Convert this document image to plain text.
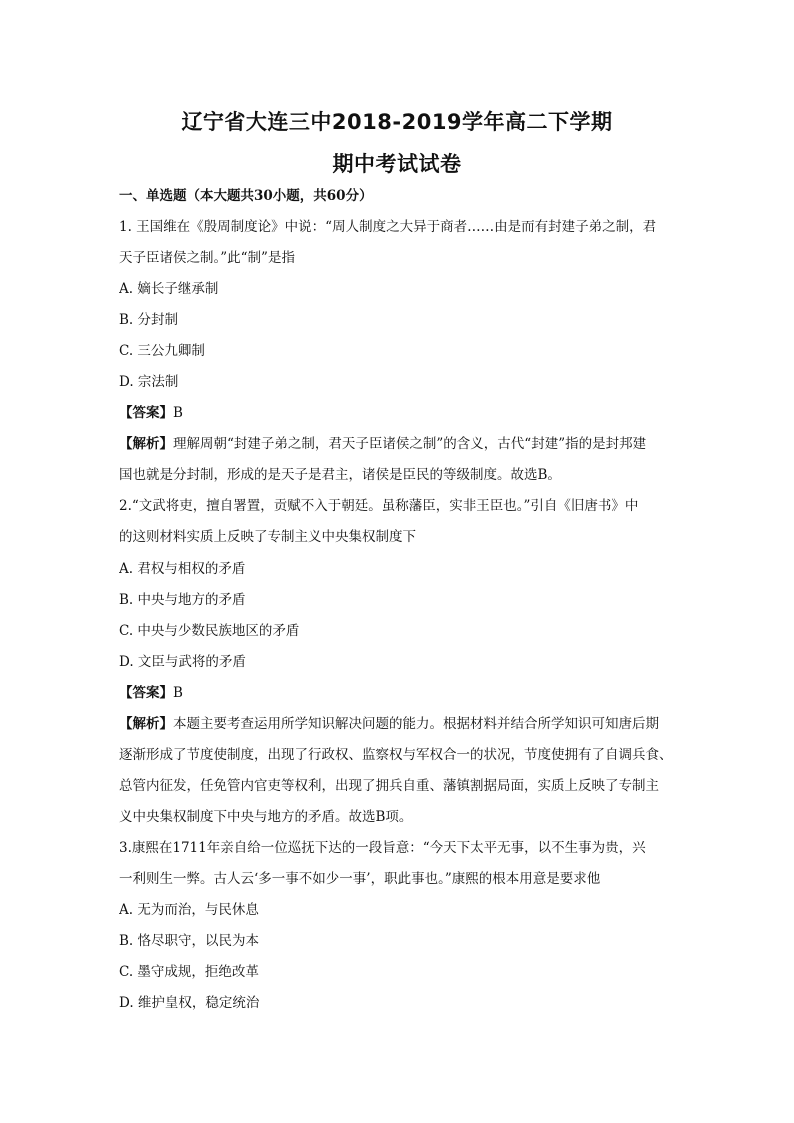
辽宁省大连三中2018-2019学年高二下学期
期中考试试卷
一、单选题（本大题共30小题，共60分）
1. 王国维在《殷周制度论》中说：“周人制度之大异于商者……由是而有封建子弟之制，君
天子臣诸侯之制。”此“制”是指
A. 嫡长子继承制
B. 分封制
C. 三公九卿制
D. 宗法制
【答案】B
【解析】理解周朝“封建子弟之制，君天子臣诸侯之制”的含义，古代“封建”指的是封邦建
国也就是分封制，形成的是天子是君主，诸侯是臣民的等级制度。故选B。
2.“文武将吏，擅自署置，贡赋不入于朝廷。虽称藩臣，实非王臣也。”引自《旧唐书》中
的这则材料实质上反映了专制主义中央集权制度下
A. 君权与相权的矛盾
B. 中央与地方的矛盾
C. 中央与少数民族地区的矛盾
D. 文臣与武将的矛盾
【答案】B
【解析】本题主要考查运用所学知识解决问题的能力。根据材料并结合所学知识可知唐后期
逐渐形成了节度使制度，出现了行政权、监察权与军权合一的状况，节度使拥有了自调兵食、
总管内征发，任免管内官吏等权利，出现了拥兵自重、藩镇割据局面，实质上反映了专制主
义中央集权制度下中央与地方的矛盾。故选B项。
3.康熙在1711年亲自给一位巡抚下达的一段旨意：“今天下太平无事，以不生事为贵，兴
一利则生一弊。古人云‘多一事不如少一事’，职此事也。”康熙的根本用意是要求他
A. 无为而治，与民休息
B. 恪尽职守，以民为本
C. 墨守成规，拒绝改革
D. 维护皇权，稳定统治
